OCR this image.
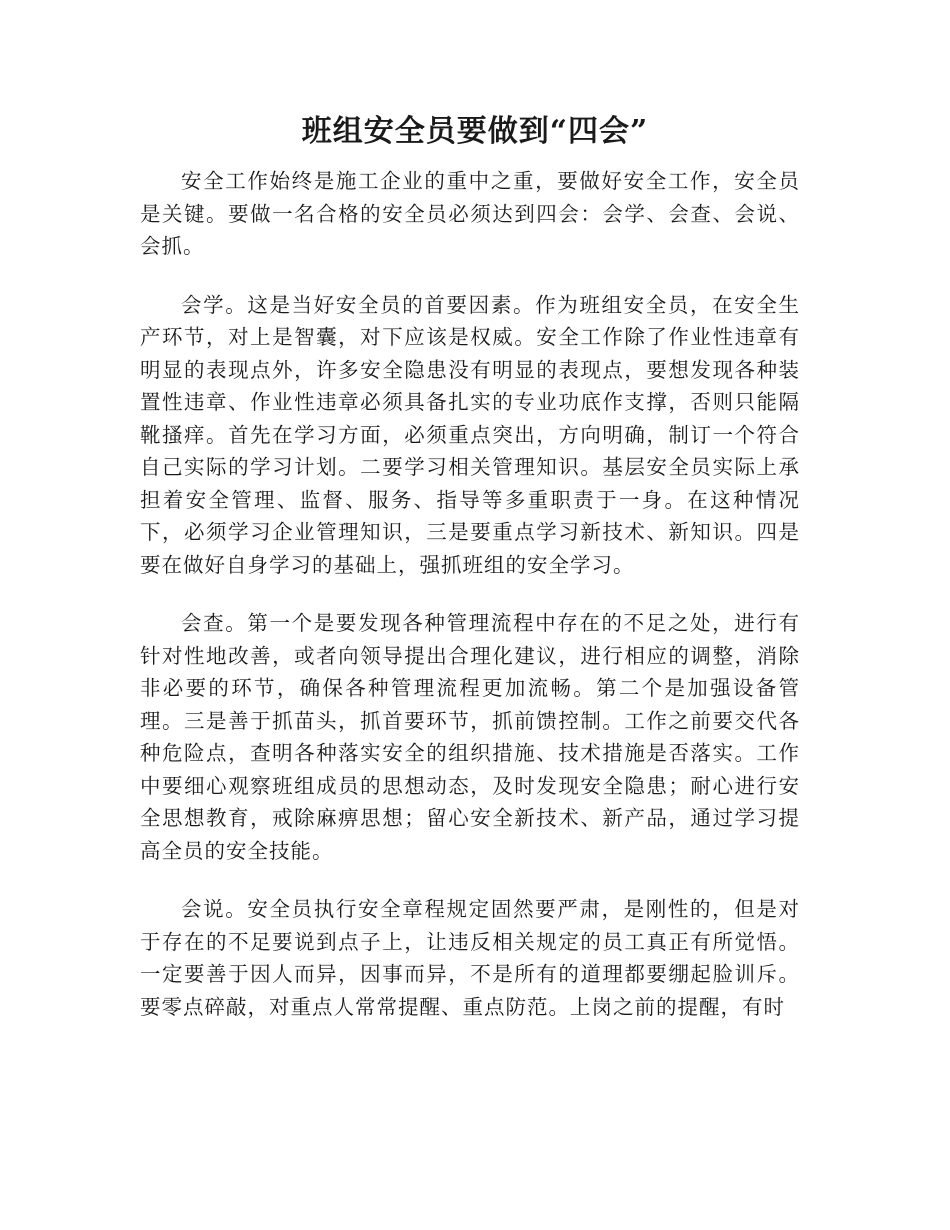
班组安全员要做到“四会”

安全工作始终是施工企业的重中之重，要做好安全工作，安全员是关键。要做一名合格的安全员必须达到四会：会学、会查、会说、会抓。

会学。这是当好安全员的首要因素。作为班组安全员，在安全生产环节，对上是智囊，对下应该是权威。安全工作除了作业性违章有明显的表现点外，许多安全隐患没有明显的表现点，要想发现各种装置性违章、作业性违章必须具备扎实的专业功底作支撑，否则只能隔靴搔痒。首先在学习方面，必须重点突出，方向明确，制订一个符合自己实际的学习计划。二要学习相关管理知识。基层安全员实际上承担着安全管理、监督、服务、指导等多重职责于一身。在这种情况下，必须学习企业管理知识，三是要重点学习新技术、新知识。四是要在做好自身学习的基础上，强抓班组的安全学习。

会查。第一个是要发现各种管理流程中存在的不足之处，进行有针对性地改善，或者向领导提出合理化建议，进行相应的调整，消除非必要的环节，确保各种管理流程更加流畅。第二个是加强设备管理。三是善于抓苗头，抓首要环节，抓前馈控制。工作之前要交代各种危险点，查明各种落实安全的组织措施、技术措施是否落实。工作中要细心观察班组成员的思想动态，及时发现安全隐患；耐心进行安全思想教育，戒除麻痹思想；留心安全新技术、新产品，通过学习提高全员的安全技能。

会说。安全员执行安全章程规定固然要严肃，是刚性的，但是对于存在的不足要说到点子上，让违反相关规定的员工真正有所觉悟。一定要善于因人而异，因事而异，不是所有的道理都要绷起脸训斥。要零点碎敲，对重点人常常提醒、重点防范。上岗之前的提醒，有时
